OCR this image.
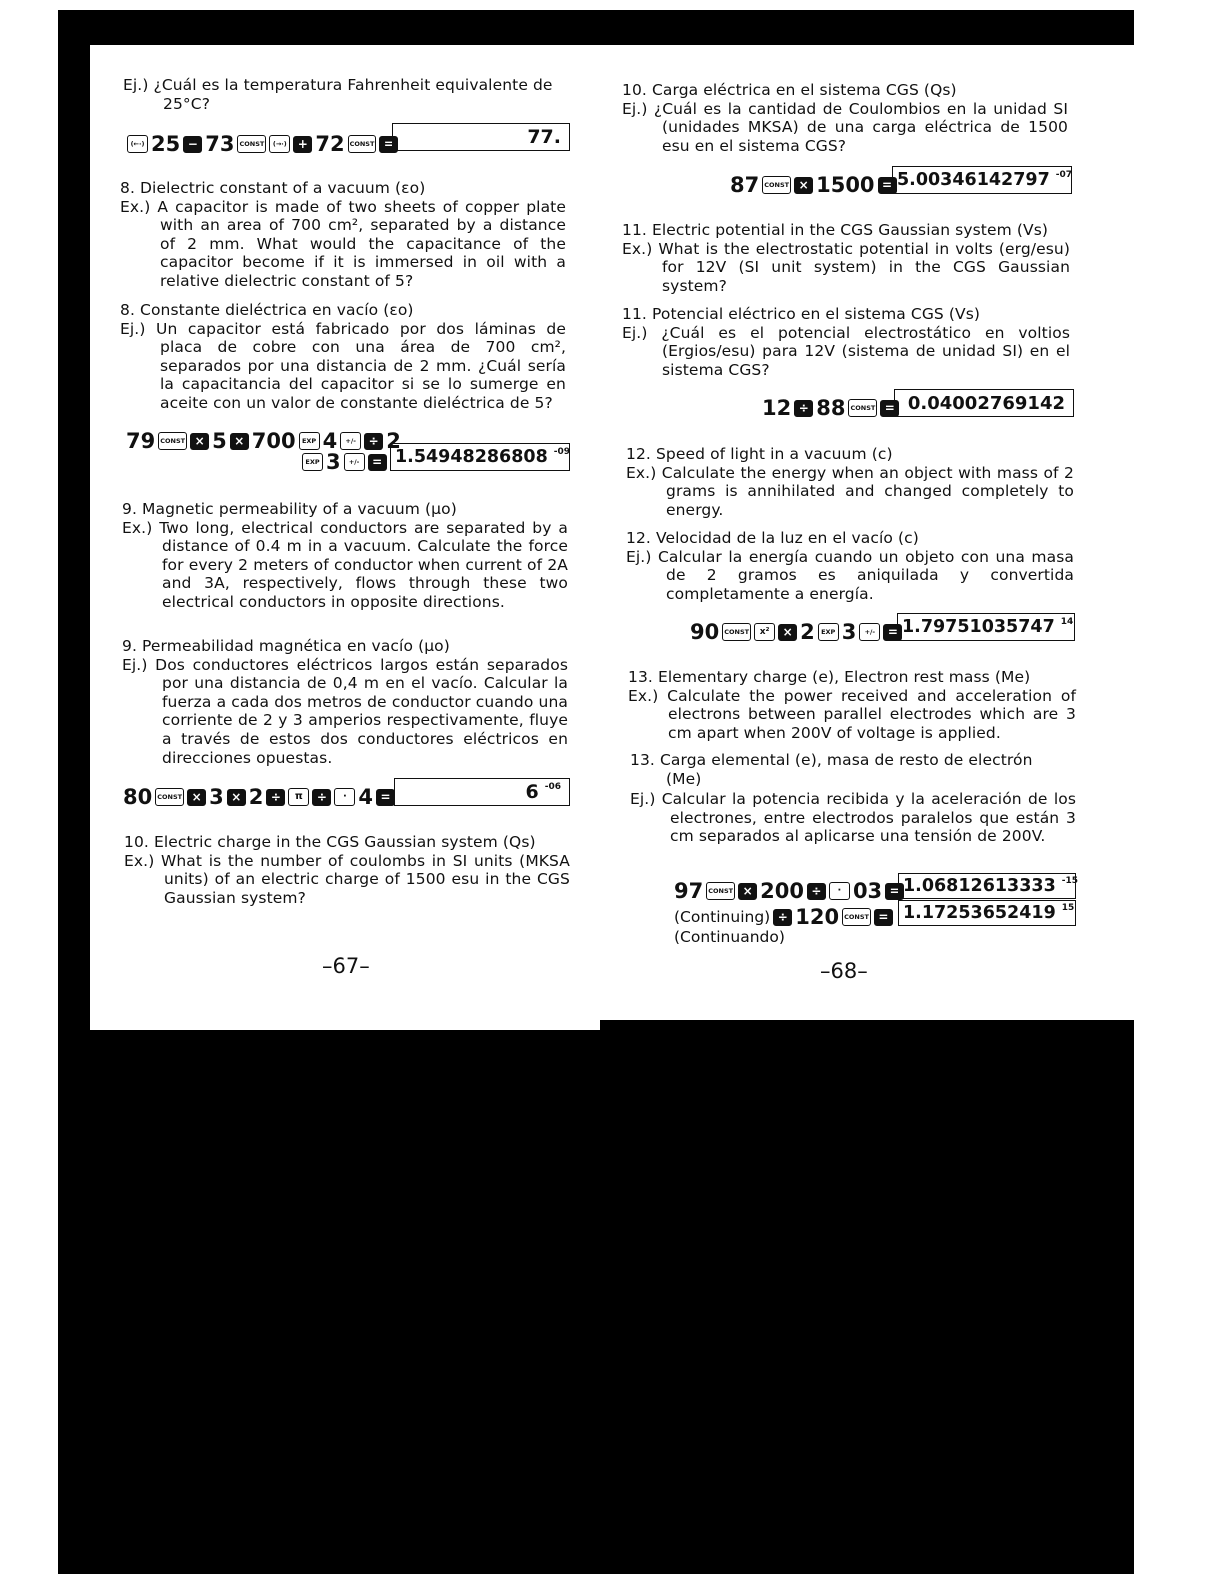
Ej.) ¿Cuál es la temperatura Fahrenheit equivalente de
25°C?
(←·) 25 − 73 CONST	(→·) + 72 CONST =	77.
8. Dielectric constant of a vacuum (εo)
Ex.) A capacitor is made of two sheets of copper plate with an area of 700 cm², separated by a distance of 2 mm. What would the capacitance of the capacitor become if it is immersed in oil with a relative dielectric constant of 5?
8. Constante dieléctrica en vacío (εo)
Ej.) Un capacitor está fabricado por dos láminas de placa de cobre con una área de 700 cm², separados por una distancia de 2 mm. ¿Cuál sería la capacitancia del capacitor si se lo sumerge en aceite con un valor de constante dieléctrica de 5?
79 CONST × 5 × 700 EXP 4	+/-	÷ 2
EXP 3	+/-	= 1.54948286808 -09
9. Magnetic permeability of a vacuum (μo)
Ex.) Two long, electrical conductors are separated by a distance of 0.4 m in a vacuum. Calculate the force for every 2 meters of conductor when current of 2A and 3A, respectively, flows through these two electrical conductors in opposite directions.
9. Permeabilidad magnética en vacío (μo)
Ej.) Dos conductores eléctricos largos están separados por una distancia de 0,4 m en el vacío. Calcular la fuerza a cada dos metros de conductor cuando una corriente de 2 y 3 amperios respectivamente, fluye a través de estos dos conductores eléctricos en direcciones opuestas.
80 CONST × 3 × 2 ÷	π	÷	· 4 =	6 -06
10. Electric charge in the CGS Gaussian system (Qs)
Ex.) What is the number of coulombs in SI units (MKSA units) of an electric charge of 1500 esu in the CGS Gaussian system?
–67–
10. Carga eléctrica en el sistema CGS (Qs)
Ej.) ¿Cuál es la cantidad de Coulombios en la unidad SI (unidades MKSA) de una carga eléctrica de 1500 esu en el sistema CGS?
87 CONST × 1500 = 5.00346142797 -07
11. Electric potential in the CGS Gaussian system (Vs)
Ex.) What is the electrostatic potential in volts (erg/esu) for 12V (SI unit system) in the CGS Gaussian system?
11. Potencial eléctrico en el sistema CGS (Vs)
Ej.) ¿Cuál es el potencial electrostático en voltios (Ergios/esu) para 12V (sistema de unidad SI) en el sistema CGS?
12 ÷ 88 CONST = 0.04002769142
12. Speed of light in a vacuum (c)
Ex.) Calculate the energy when an object with mass of 2 grams is annihilated and changed completely to energy.
12. Velocidad de la luz en el vacío (c)
Ej.) Calcular la energía cuando un objeto con una masa de 2 gramos es aniquilada y convertida completamente a energía.
90 CONST	x²	× 2 EXP 3	+/-	= 1.79751035747 14
13. Elementary charge (e), Electron rest mass (Me)
Ex.) Calculate the power received and acceleration of electrons between parallel electrodes which are 3 cm apart when 200V of voltage is applied.
13. Carga elemental (e), masa de resto de electrón
(Me)
Ej.) Calcular la potencia recibida y la aceleración de los electrones, entre electrodos paralelos que están 3 cm separados al aplicarse una tensión de 200V.
97 CONST × 200 ÷	· 03 = 1.06812613333 -15
(Continuing) ÷ 120 CONST = 1.17253652419 15
(Continuando)
–68–
